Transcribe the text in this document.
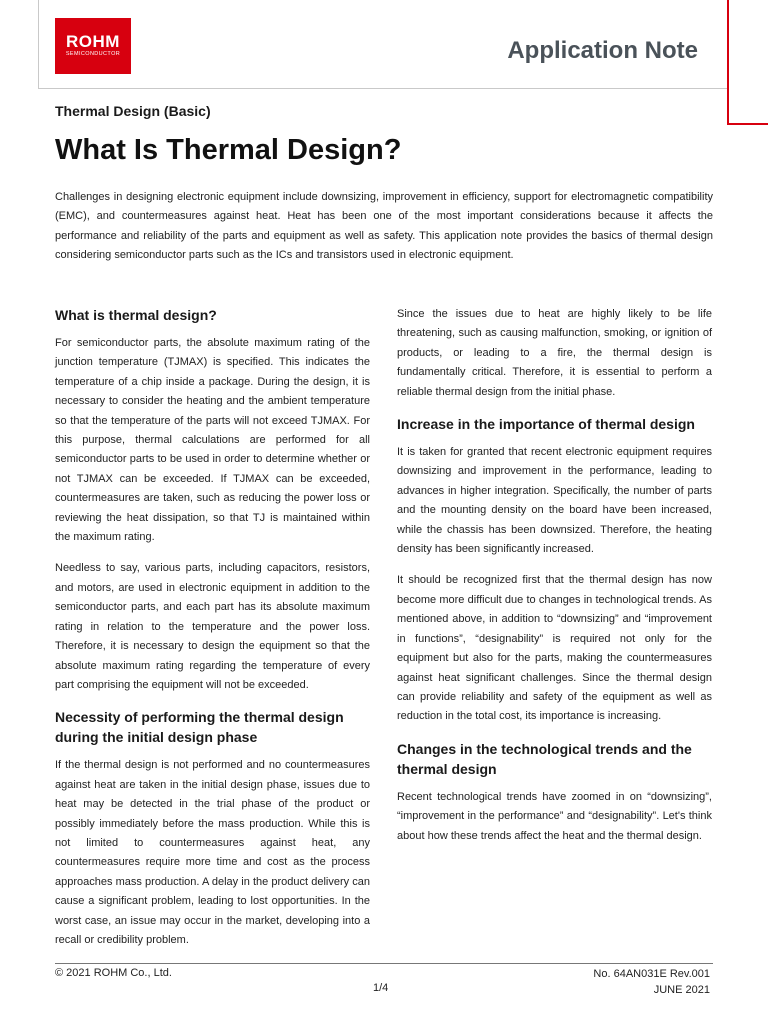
ROHM
SEMICONDUCTOR	Application Note
Thermal Design (Basic)
What Is Thermal Design?

Challenges in designing electronic equipment include downsizing, improvement in efficiency, support for electromagnetic compatibility (EMC), and countermeasures against heat. Heat has been one of the most important considerations because it affects the performance and reliability of the parts and equipment as well as safety. This application note provides the basics of thermal design considering semiconductor parts such as the ICs and transistors used in electronic equipment.

What is thermal design?

For semiconductor parts, the absolute maximum rating of the junction temperature (TJMAX) is specified. This indicates the temperature of a chip inside a package. During the design, it is necessary to consider the heating and the ambient temperature so that the temperature of the parts will not exceed TJMAX. For this purpose, thermal calculations are performed for all semiconductor parts to be used in order to determine whether or not TJMAX can be exceeded. If TJMAX can be exceeded, countermeasures are taken, such as reducing the power loss or reviewing the heat dissipation, so that TJ is maintained within the maximum rating.

Needless to say, various parts, including capacitors, resistors, and motors, are used in electronic equipment in addition to the semiconductor parts, and each part has its absolute maximum rating in relation to the temperature and the power loss. Therefore, it is necessary to design the equipment so that the absolute maximum rating regarding the temperature of every part comprising the equipment will not be exceeded.

Necessity of performing the thermal design during the initial design phase

If the thermal design is not performed and no countermeasures against heat are taken in the initial design phase, issues due to heat may be detected in the trial phase of the product or possibly immediately before the mass production. While this is not limited to countermeasures against heat, any countermeasures require more time and cost as the process approaches mass production. A delay in the product delivery can cause a significant problem, leading to lost opportunities. In the worst case, an issue may occur in the market, developing into a recall or credibility problem.

Since the issues due to heat are highly likely to be life threatening, such as causing malfunction, smoking, or ignition of products, or leading to a fire, the thermal design is fundamentally critical. Therefore, it is essential to perform a reliable thermal design from the initial phase.

Increase in the importance of thermal design

It is taken for granted that recent electronic equipment requires downsizing and improvement in the performance, leading to advances in higher integration. Specifically, the number of parts and the mounting density on the board have been increased, while the chassis has been downsized. Therefore, the heating density has been significantly increased.

It should be recognized first that the thermal design has now become more difficult due to changes in technological trends. As mentioned above, in addition to “downsizing” and “improvement in functions”, “designability” is required not only for the equipment but also for the parts, making the countermeasures against heat significant challenges. Since the thermal design can provide reliability and safety of the equipment as well as reduction in the total cost, its importance is increasing.

Changes in the technological trends and the thermal design

Recent technological trends have zoomed in on “downsizing”, “improvement in the performance” and “designability”. Let's think about how these trends affect the heat and the thermal design.

© 2021 ROHM Co., Ltd.
1/4
No. 64AN031E Rev.001
JUNE 2021
